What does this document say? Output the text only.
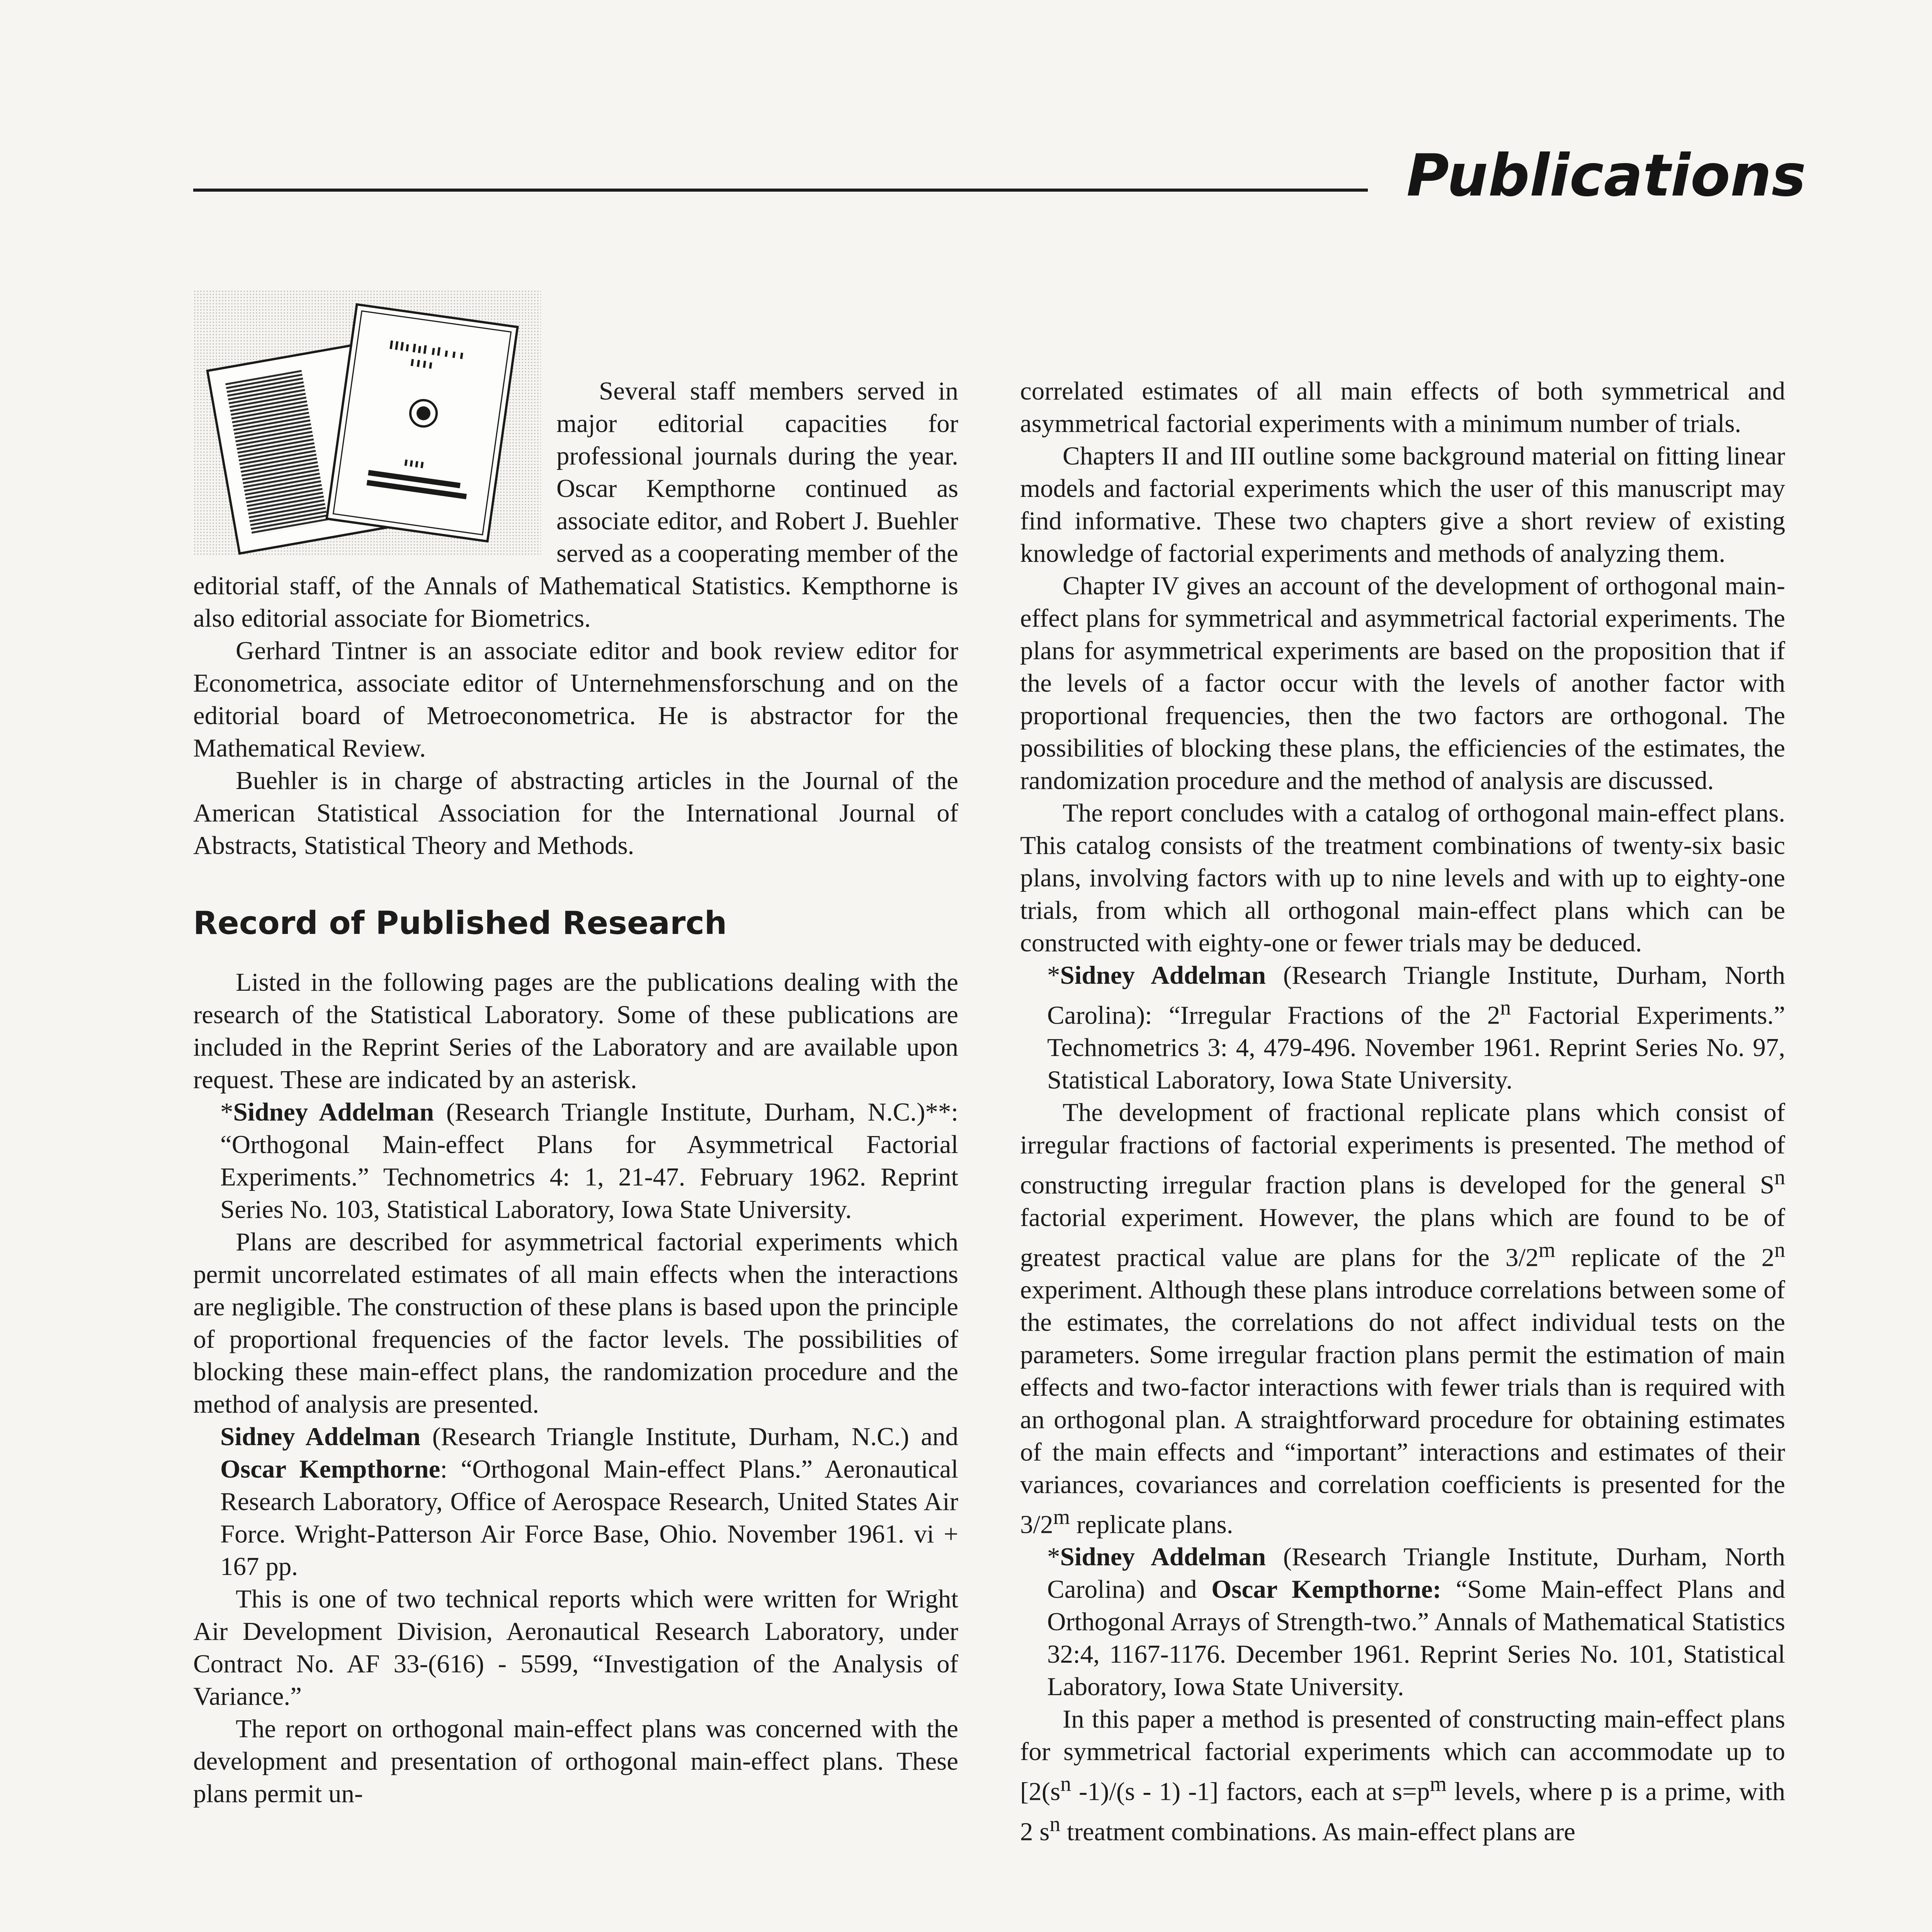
Publications

Several staff members served in major editorial capacities for professional journals during the year. Oscar Kempthorne continued as associate editor, and Robert J. Buehler served as a cooperating member of the editorial staff, of the Annals of Mathematical Statistics. Kempthorne is also editorial associate for Biometrics.

Gerhard Tintner is an associate editor and book review editor for Econometrica, associate editor of Unternehmensforschung and on the editorial board of Metroeconometrica. He is abstractor for the Mathematical Review.

Buehler is in charge of abstracting articles in the Journal of the American Statistical Association for the International Journal of Abstracts, Statistical Theory and Methods.

Record of Published Research

Listed in the following pages are the publications dealing with the research of the Statistical Laboratory. Some of these publications are included in the Reprint Series of the Laboratory and are available upon request. These are indicated by an asterisk.

*Sidney Addelman (Research Triangle Institute, Durham, N.C.)**: “Orthogonal Main-effect Plans for Asymmetrical Factorial Experiments.” Technometrics 4: 1, 21-47. February 1962. Reprint Series No. 103, Statistical Laboratory, Iowa State University.

Plans are described for asymmetrical factorial experiments which permit uncorrelated estimates of all main effects when the interactions are negligible. The construction of these plans is based upon the principle of proportional frequencies of the factor levels. The possibilities of blocking these main-effect plans, the randomization procedure and the method of analysis are presented.

Sidney Addelman (Research Triangle Institute, Durham, N.C.) and Oscar Kempthorne: “Orthogonal Main-effect Plans.” Aeronautical Research Laboratory, Office of Aerospace Research, United States Air Force. Wright-Patterson Air Force Base, Ohio. November 1961. vi + 167 pp.

This is one of two technical reports which were written for Wright Air Development Division, Aeronautical Research Laboratory, under Contract No. AF 33-(616) - 5599, “Investigation of the Analysis of Variance.”

The report on orthogonal main-effect plans was concerned with the development and presentation of orthogonal main-effect plans. These plans permit un-

correlated estimates of all main effects of both symmetrical and asymmetrical factorial experiments with a minimum number of trials.

Chapters II and III outline some background material on fitting linear models and factorial experiments which the user of this manuscript may find informative. These two chapters give a short review of existing knowledge of factorial experiments and methods of analyzing them.

Chapter IV gives an account of the development of orthogonal main-effect plans for symmetrical and asymmetrical factorial experiments. The plans for asymmetrical experiments are based on the proposition that if the levels of a factor occur with the levels of another factor with proportional frequencies, then the two factors are orthogonal. The possibilities of blocking these plans, the efficiencies of the estimates, the randomization procedure and the method of analysis are discussed.

The report concludes with a catalog of orthogonal main-effect plans. This catalog consists of the treatment combinations of twenty-six basic plans, involving factors with up to nine levels and with up to eighty-one trials, from which all orthogonal main-effect plans which can be constructed with eighty-one or fewer trials may be deduced.

*Sidney Addelman (Research Triangle Institute, Durham, North Carolina): “Irregular Fractions of the 2$^n$ Factorial Experiments.” Technometrics 3: 4, 479-496. November 1961. Reprint Series No. 97, Statistical Laboratory, Iowa State University.

The development of fractional replicate plans which consist of irregular fractions of factorial experiments is presented. The method of constructing irregular fraction plans is developed for the general $S^n$ factorial experiment. However, the plans which are found to be of greatest practical value are plans for the 3/2$^m$ replicate of the 2$^n$ experiment. Although these plans introduce correlations between some of the estimates, the correlations do not affect individual tests on the parameters. Some irregular fraction plans permit the estimation of main effects and two-factor interactions with fewer trials than is required with an orthogonal plan. A straightforward procedure for obtaining estimates of the main effects and “important” interactions and estimates of their variances, covariances and correlation coefficients is presented for the 3/2$^m$ replicate plans.

*Sidney Addelman (Research Triangle Institute, Durham, North Carolina) and Oscar Kempthorne: “Some Main-effect Plans and Orthogonal Arrays of Strength-two.” Annals of Mathematical Statistics 32:4, 1167-1176. December 1961. Reprint Series No. 101, Statistical Laboratory, Iowa State University.

In this paper a method is presented of constructing main-effect plans for symmetrical factorial experiments which can accommodate up to [$2(s^n$ -1)/(s - 1) -1] factors, each at $s=p^m$ levels, where p is a prime, with 2 $s^n$ treatment combinations. As main-effect plans are
